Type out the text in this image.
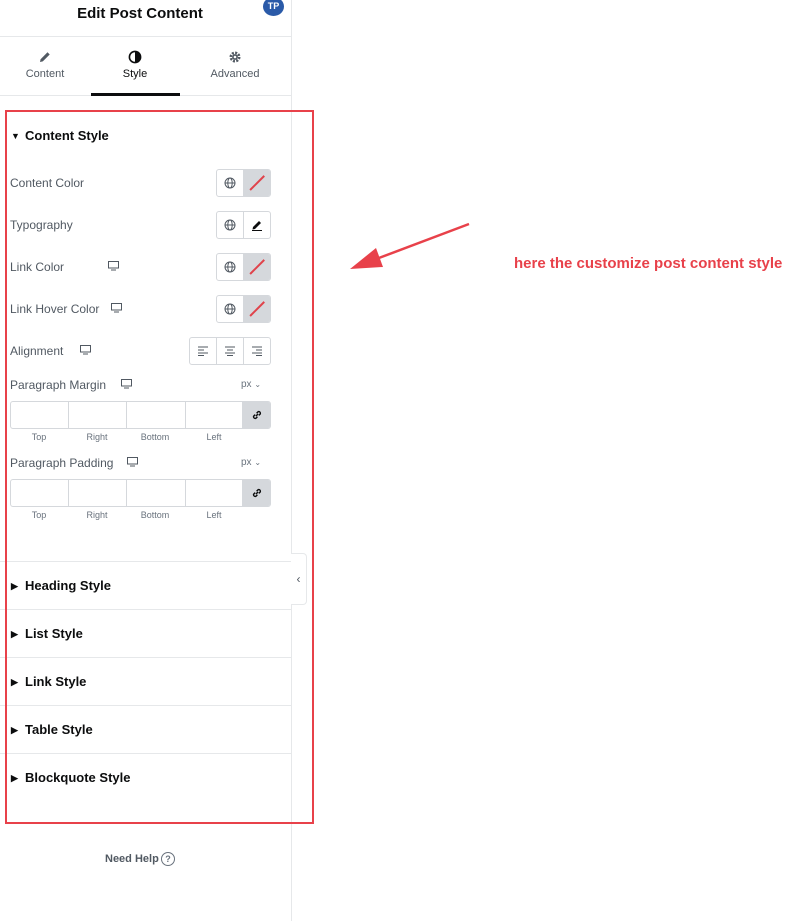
Edit Post Content	TP
Content	Style	Advanced
▼ Content Style
Content Color
Typography
Link Color
Link Hover Color
Alignment
Paragraph Margin	px ⌄
Top	Right	Bottom	Left
Paragraph Padding	px ⌄
Top	Right	Bottom	Left
▶ Heading Style
▶ List Style
▶ Link Style
▶ Table Style
▶ Blockquote Style
Need Help ?
‹
here the customize post content style
